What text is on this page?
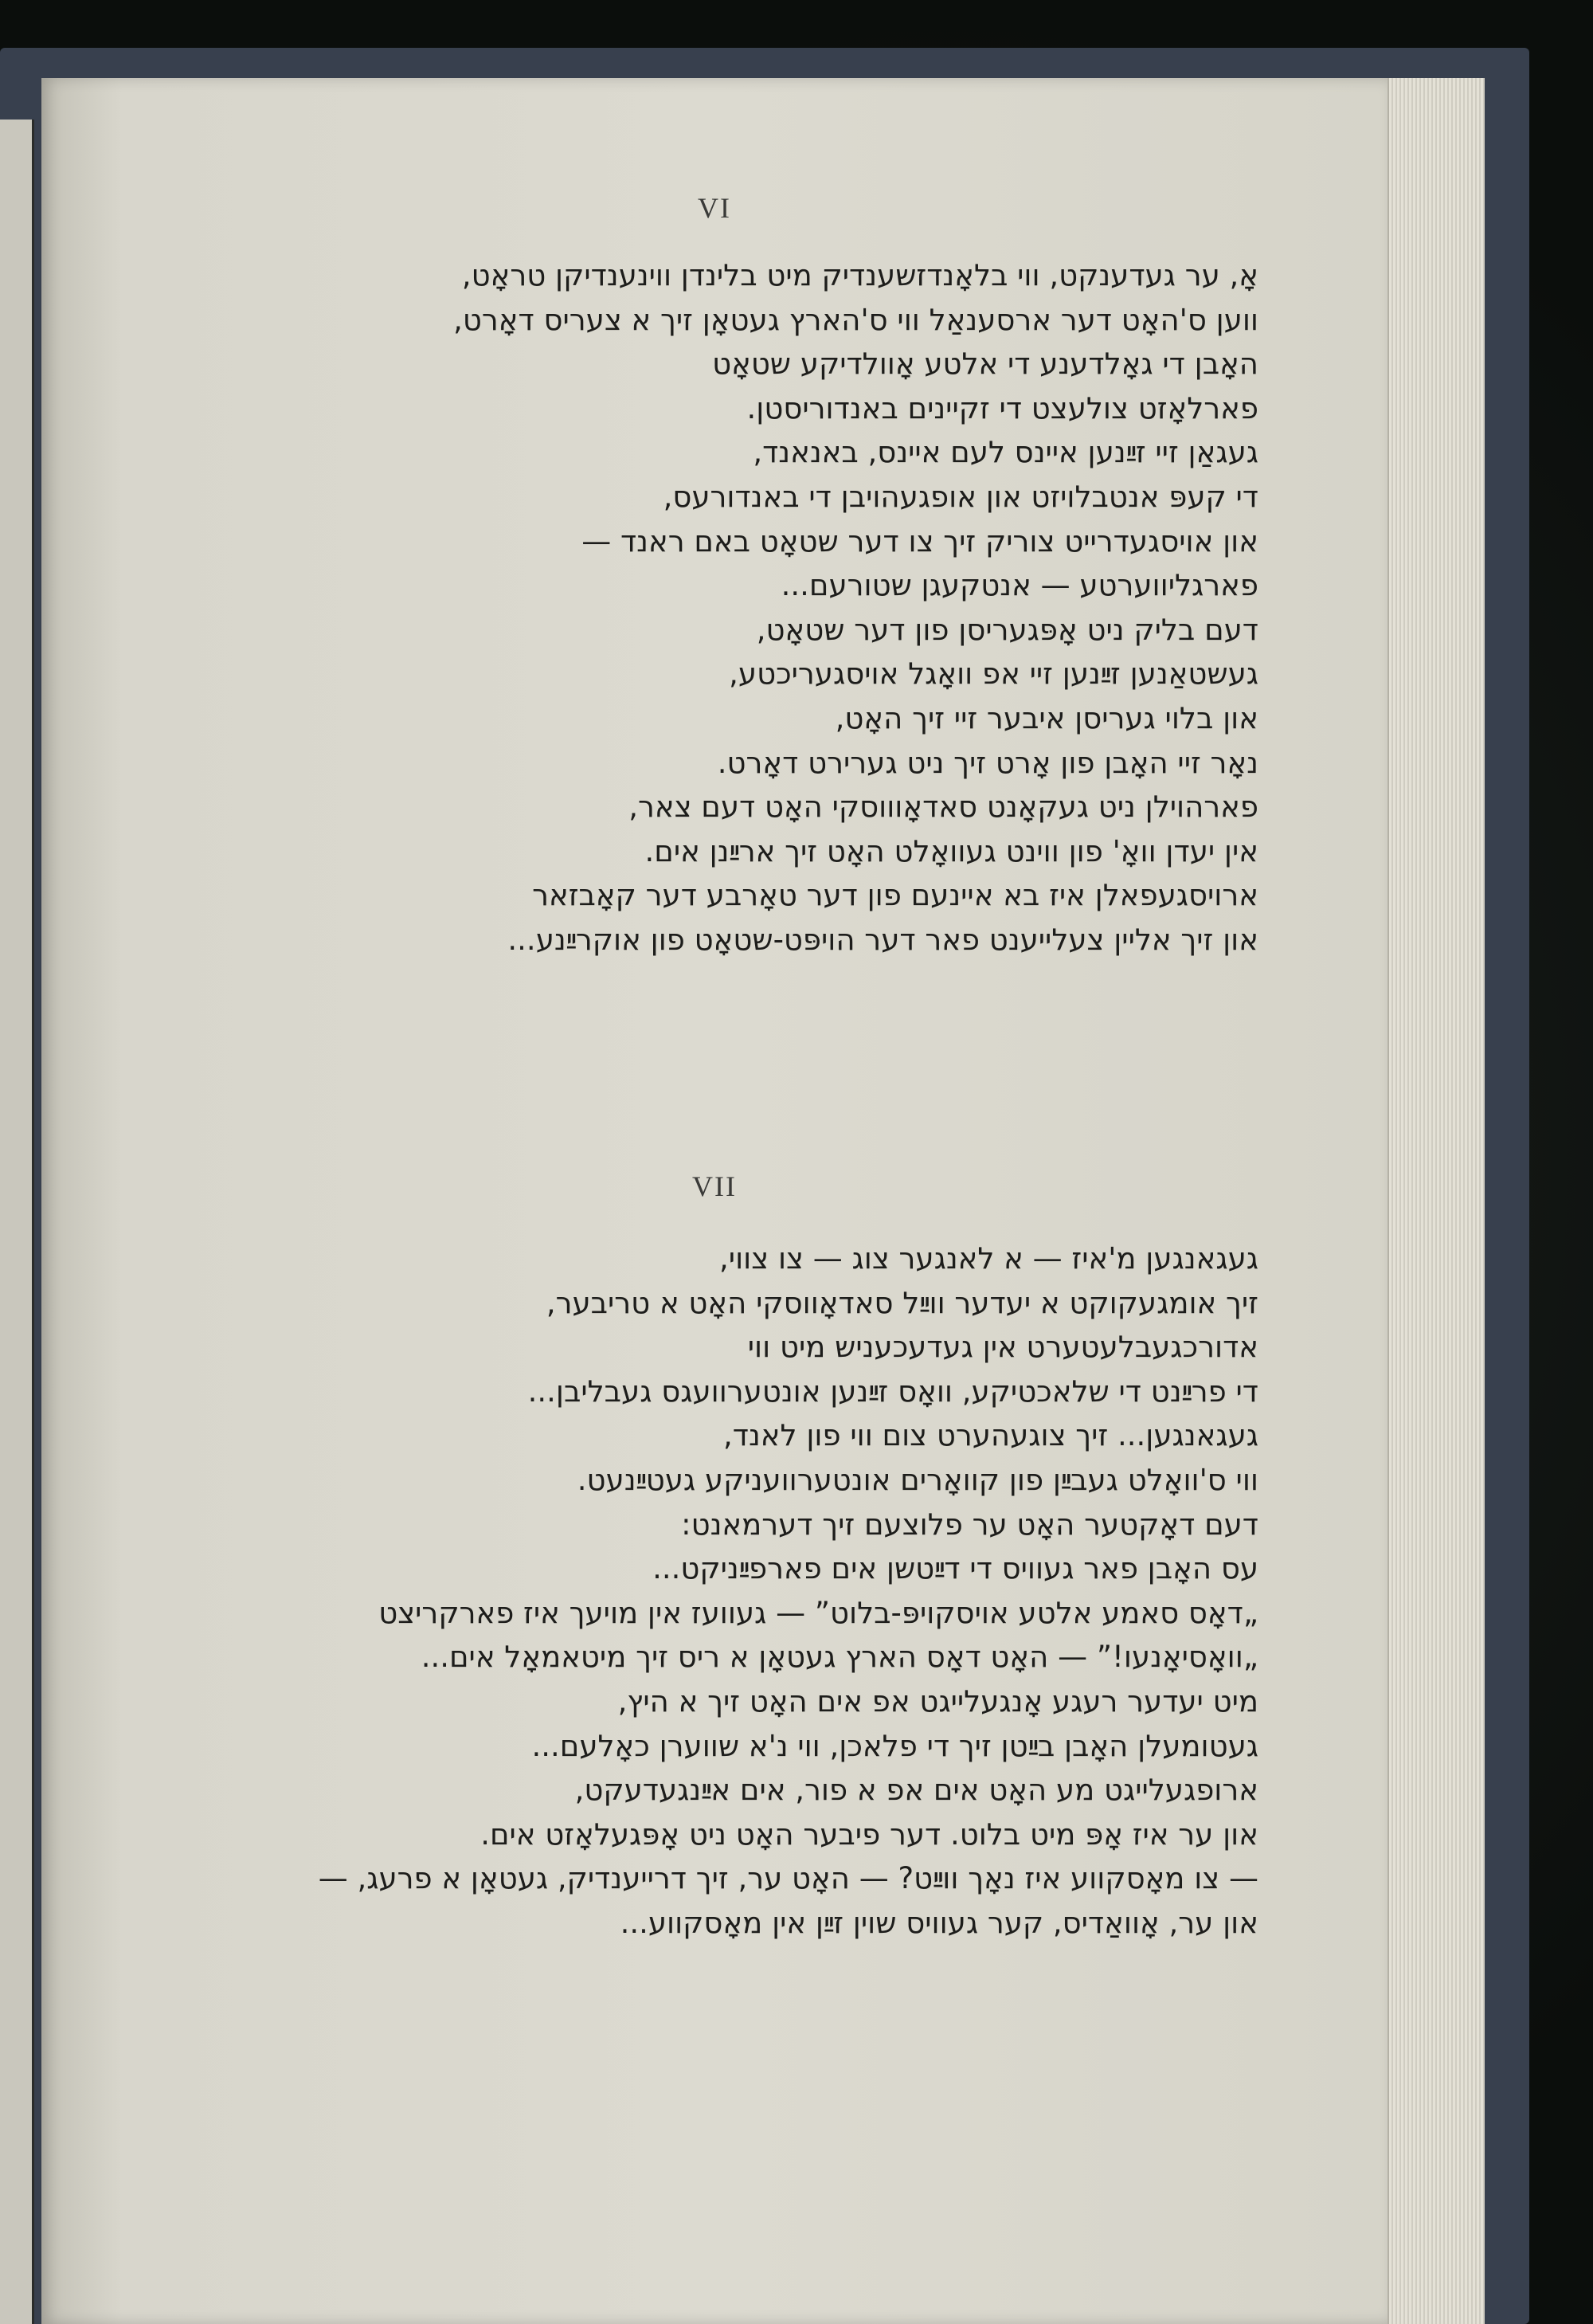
VI
אָ, ער געדענקט, ווי בלאָנדזשענדיק מיט בלינדן ווינענדיקן טראָט,
ווען ס'האָט דער ארסענאַל ווי ס'הארץ געטאָן זיך א צעריס דאָרט,
האָבן די גאָלדענע די אלטע אָוולדיקע שטאָט
פארלאָזט צולעצט די זקיינים באנדוריסטן.
געגאַן זיי זײַנען איינס לעם איינס, באנאנד,
די קעפּ אנטבלויזט און אופגעהויבן די באנדורעס,
און אויסגעדרייט צוריק זיך צו דער שטאָט באם ראנד —
פארגליווערטע — אנטקעגן שטורעם...
דעם בליק ניט אָפּגעריסן פון דער שטאָט,
געשטאַנען זײַנען זיי אפ וואָגל אויסגעריכטע,
און בלוי געריסן איבער זיי זיך האָט,
נאָר זיי האָבן פון אָרט זיך ניט גערירט דאָרט.
פארהוילן ניט געקאָנט סאדאָוווסקי האָט דעם צאר,
אין יעדן וואָ' פון ווינט געוואָלט האָט זיך ארײַנן אים.
ארויסגעפאלן איז בא איינעם פון דער טאָרבע דער קאָבזאר
און זיך אליין צעלייענט פאר דער הויפּט-שטאָט פון אוקרײַנע...
VII
געגאנגען מ'איז — א לאנגער צוג — צו צווי,
זיך אומגעקוקט א יעדער ווײַל סאדאָווסקי האָט א טריבער,
אדורכגעבלעטערט אין געדעכעניש מיט ווי
די פרײַנט די שלאכטיקע, וואָס זײַנען אונטערוועגס געבליבן...
געגאנגען... זיך צוגעהערט צום ווי פון לאנד,
ווי ס'וואָלט געבײַן פון קוואָרים אונטערוועניקע געטײַנעט.
דעם דאָקטער האָט ער פלוצעם זיך דערמאנט:
עס האָבן פאר געוויס די דײַטשן אים פארפײַניקט...
„דאָס סאמע אלטע אויסקויפּ-בלוט” — געוועז אין מויעך איז פארקריצט
„וואָסיאָנעו!” — האָט דאָס הארץ געטאָן א ריס זיך מיטאמאָל אים...
מיט יעדער רעגע אָנגעלייגט אפ אים האָט זיך א היץ,
געטומעלן האָבן בײַטן זיך די פלאכן, ווי נ'א שווערן כאָלעם...
ארופגעלייגט מע האָט אים אפ א פור, אים אײַנגעדעקט,
און ער איז אָפּ מיט בלוט. דער פיבער האָט ניט אָפּגעלאָזט אים.
— צו מאָסקווע איז נאָך ווײַט? — האָט ער, זיך דרייענדיק, געטאָן א פרעג, —
און ער, אָוואַדיס, קער געוויס שוין זײַן אין מאָסקווע...
